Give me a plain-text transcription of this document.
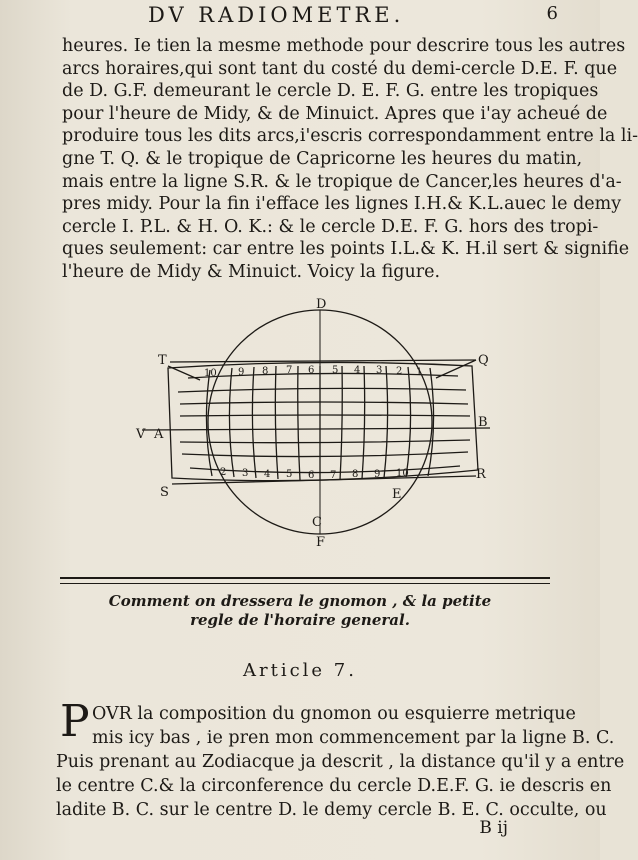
DV RADIOMETRE.	6
heures. Ie tien la mesme methode pour descrire tous les autres
arcs horaires,qui sont tant du costé du demi-cercle D.E. F. que
de D. G.F. demeurant le cercle D. E. F. G. entre les tropiques
pour l'heure de Midy, & de Minuict. Apres que i'ay acheué de
produire tous les dits arcs,i'escris correspondamment entre la li-
gne T. Q. & le tropique de Capricorne les heures du matin,
mais entre la ligne S.R. & le tropique de Cancer,les heures d'a-
pres midy. Pour la fin i'efface les lignes I.H.& K.L.auec le demy
cercle I. P.L. & H. O. K.: & le cercle D.E. F. G. hors des tropi-
ques seulement: car entre les points I.L.& K. H.il sert & signifie
l'heure de Midy & Minuict. Voicy la figure.
D
F
E
T	Q
V A
B
S
R
C
10 9 8 7 6 5 4 3 2 1
2 3 4 5 6 7 8 9 10
Comment on dressera le gnomon , & la petite
regle de l'horaire general.
Article 7.
P OVR la composition du gnomon ou esquierre metrique
mis icy bas , ie pren mon commencement par la ligne B. C.
Puis prenant au Zodiacque ja descrit , la distance qu'il y a entre
le centre C.& la circonference du cercle D.E.F. G. ie descris en
ladite B. C. sur le centre D. le demy cercle B. E. C. occulte, ou
B ij
